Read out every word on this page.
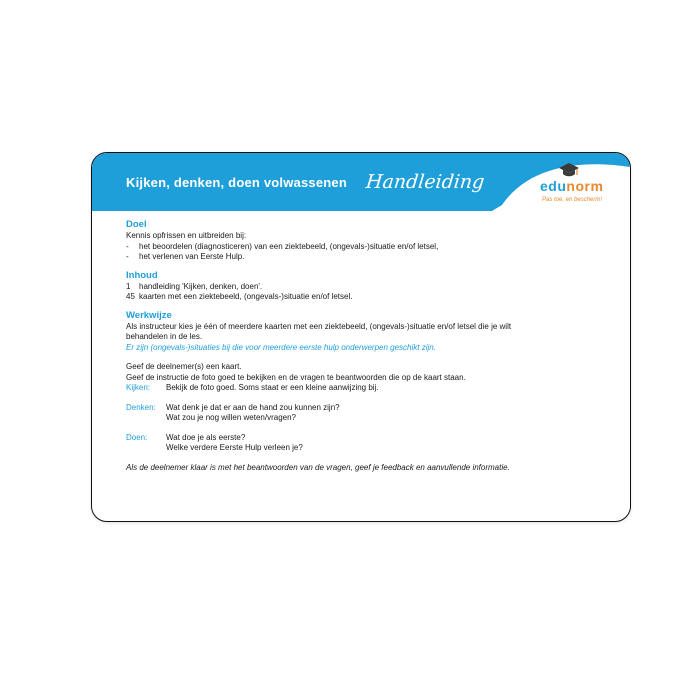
Kijken, denken, doen volwassenen Handleiding	edunorm
Pas toe, en bescherm!
Doel
Kennis opfrissen en uitbreiden bij:
-	het beoordelen (diagnosticeren) van een ziektebeeld, (ongevals-)situatie en/of letsel,
-	het verlenen van Eerste Hulp.
Inhoud
1	handleiding 'Kijken, denken, doen'.
45 kaarten met een ziektebeeld, (ongevals-)situatie en/of letsel.
Werkwijze
Als instructeur kies je één of meerdere kaarten met een ziektebeeld, (ongevals-)situatie en/of letsel die je wilt
behandelen in de les.
Er zijn (ongevals-)situaties bij die voor meerdere eerste hulp onderwerpen geschikt zijn.
Geef de deelnemer(s) een kaart.
Geef de instructie de foto goed te bekijken en de vragen te beantwoorden die op de kaart staan.
Kijken:	Bekijk de foto goed. Soms staat er een kleine aanwijzing bij.
Denken:	Wat denk je dat er aan de hand zou kunnen zijn?
Wat zou je nog willen weten/vragen?
Doen:	Wat doe je als eerste?
Welke verdere Eerste Hulp verleen je?
Als de deelnemer klaar is met het beantwoorden van de vragen, geef je feedback en aanvullende informatie.
